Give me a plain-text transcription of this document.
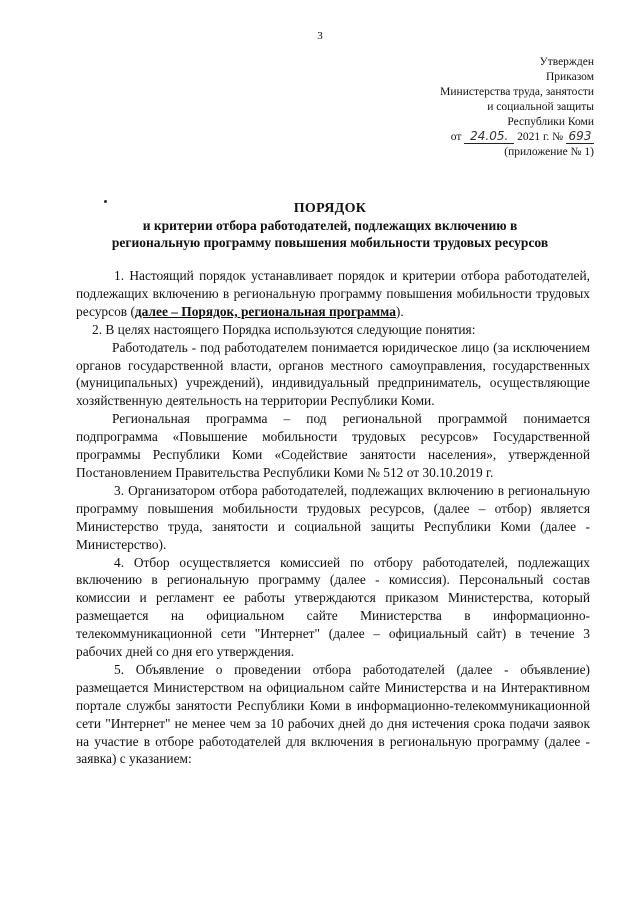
3
Утвержден
Приказом
Министерства труда, занятости
и социальной защиты
Республики Коми
от 24.05. 2021 г. № 693
(приложение № 1)
ПОРЯДОК
и критерии отбора работодателей, подлежащих включению в
региональную программу повышения мобильности трудовых ресурсов

1. Настоящий порядок устанавливает порядок и критерии отбора работодателей, подлежащих включению в региональную программу повышения мобильности трудовых ресурсов (далее – Порядок, региональная программа).

2. В целях настоящего Порядка используются следующие понятия:

Работодатель - под работодателем понимается юридическое лицо (за исключением органов государственной власти, органов местного самоуправления, государственных (муниципальных) учреждений), индивидуальный предприниматель, осуществляющие хозяйственную деятельность на территории Республики Коми.

Региональная программа – под региональной программой понимается подпрограмма «Повышение мобильности трудовых ресурсов» Государственной программы Республики Коми «Содействие занятости населения», утвержденной Постановлением Правительства Республики Коми № 512 от 30.10.2019 г.

3. Организатором отбора работодателей, подлежащих включению в региональную программу повышения мобильности трудовых ресурсов, (далее – отбор) является Министерство труда, занятости и социальной защиты Республики Коми (далее - Министерство).

4. Отбор осуществляется комиссией по отбору работодателей, подлежащих включению в региональную программу (далее - комиссия). Персональный состав комиссии и регламент ее работы утверждаются приказом Министерства, который размещается на официальном сайте Министерства в информационно-телекоммуникационной сети "Интернет" (далее – официальный сайт) в течение 3 рабочих дней со дня его утверждения.

5. Объявление о проведении отбора работодателей (далее - объявление) размещается Министерством на официальном сайте Министерства и на Интерактивном портале службы занятости Республики Коми в информационно-телекоммуникационной сети "Интернет" не менее чем за 10 рабочих дней до дня истечения срока подачи заявок на участие в отборе работодателей для включения в региональную программу (далее - заявка) с указанием:
